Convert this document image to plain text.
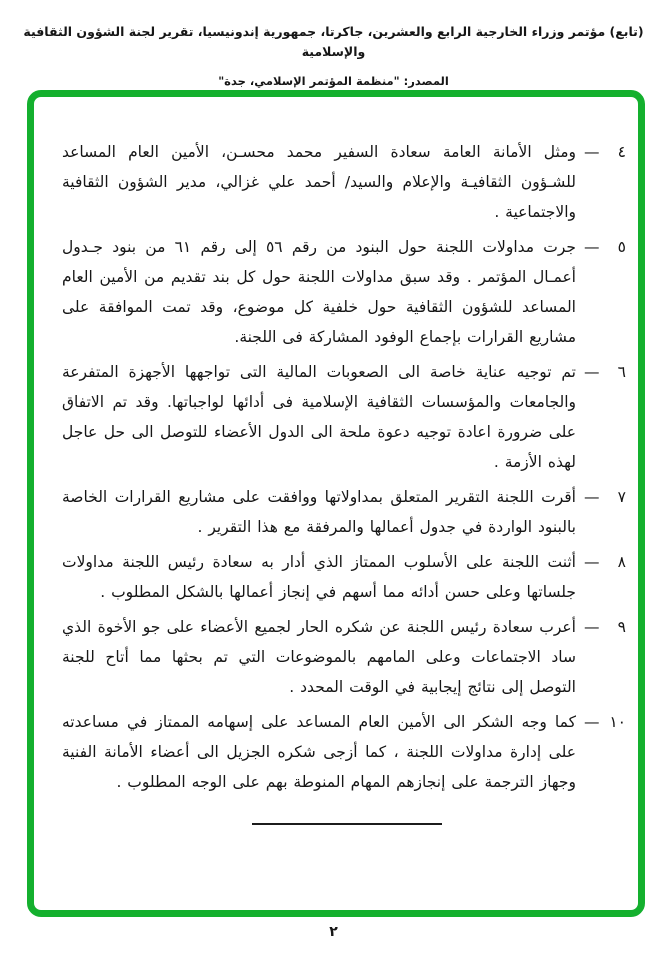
(تابع) مؤتمر وزراء الخارجية الرابع والعشرين، جاكرتا، جمهورية إندونيسيا، تقرير لجنة الشؤون الثقافية والإسلامية
المصدر: "منظمة المؤتمر الإسلامي، جدة"
٤
—
ومثل الأمانة العامة سعادة السفير محمد محسـن، الأمين العام المساعد للشـؤون الثقافيـة والإعلام والسيد/ أحمد علي غزالي، مدير الشؤون الثقافية والاجتماعية .
٥
—
جرت مداولات اللجنة حول البنود من رقم ٥٦ إلى رقم ٦١ من بنود جـدول أعمـال المؤتمر . وقد سبق مداولات اللجنة حول كل بند تقديم من الأمين العام المساعد للشؤون الثقافية حول خلفية كل موضوع، وقد تمت الموافقة على مشاريع القرارات بإجماع الوفود المشاركة فى اللجنة.
٦
—
تم توجيه عناية خاصة الى الصعوبات المالية التى تواجهها الأجهزة المتفرعة والجامعات والمؤسسات الثقافية الإسلامية فى أدائها لواجباتها. وقد تم الاتفاق على ضرورة اعادة توجيه دعوة ملحة الى الدول الأعضاء للتوصل الى حل عاجل لهذه الأزمة .
٧
—
أقرت اللجنة التقرير المتعلق بمداولاتها ووافقت على مشاريع القرارات الخاصة بالبنود الواردة في جدول أعمالها والمرفقة مع هذا التقرير .
٨
—
أثنت اللجنة على الأسلوب الممتاز الذي أدار به سعادة رئيس اللجنة مداولات جلساتها وعلى حسن أدائه مما أسهم في إنجاز أعمالها بالشكل المطلوب .
٩
—
أعرب سعادة رئيس اللجنة عن شكره الحار لجميع الأعضاء على جو الأخوة الذي ساد الاجتماعات وعلى المامهم بالموضوعات التي تم بحثها مما أتاح للجنة التوصل إلى نتائج إيجابية في الوقت المحدد .
١٠
—
كما وجه الشكر الى الأمين العام المساعد على إسهامه الممتاز في مساعدته على إدارة مداولات اللجنة ، كما أزجى شكره الجزيل الى أعضاء الأمانة الفنية وجهاز الترجمة على إنجازهم المهام المنوطة بهم على الوجه المطلوب .
٢
